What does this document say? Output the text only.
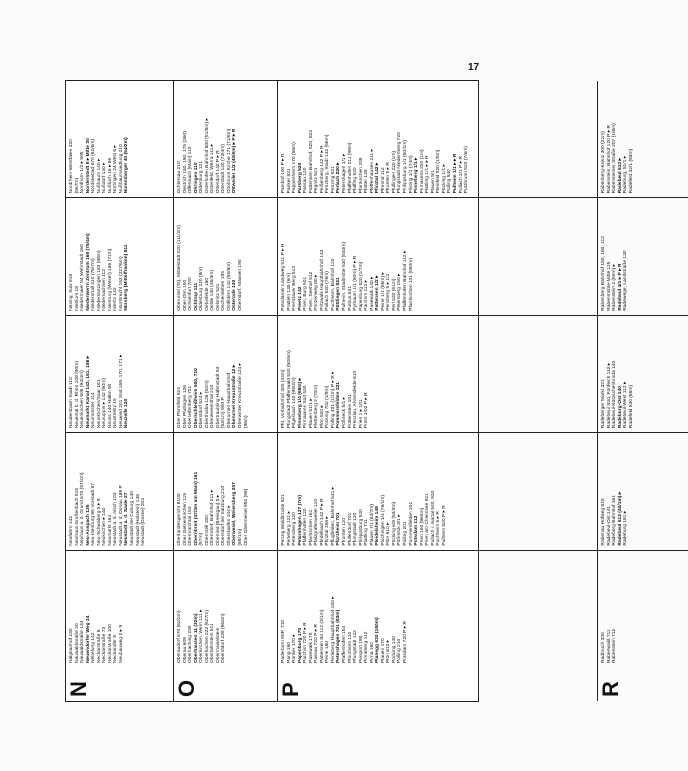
17
N
Nalgbanhof 230 Nauwaldstraße 20 Nauwaldstraße 134 Neuendorfer Weg 24 Nebelung 142 Neckarstraße 8 Neckarstraße 73 Neckarstraße 100 Neckarufer 5 Neubauweg 2 ▸ 9
Neufahrn 142 Neuhaus Großenbach 515 Neuhaus a. d. Grund 670 (57/2m) Neu-Anspach 135 Neu-Isenburg 85 Vorstadt 87 Neu-Schwaberg 5 ▸ 9 Neukirchen ▸ 140 Neumarkt 164 Neustadt a. d. Aisch 103 Neustadt a. d. Donau 189 P Neustadt a. d. Saale 27 Neustadt bei Coburg 140 Neustadt (Holstein) 148 Neustadt (Dosse) 203
Neudersbach Stadt 110 Neuental b. d. Rhön 108 (90m) Neuenkirchen 605 (94/4m) Neumarkt Kanal 143, 151, 156 ▸ Neumünster 114 Neunkirchen/Saar 161 Neuruppin ▸ 142 (50m) Neuss 140 Hafen 90 Neustrelitz 15 Neuwied 201 Süd 159, 170, 171 ▸ Neuzelle 120
Nesing, Sulz 915 Nieblum 18 Niedermaier 54 Wehrstadt 160 Niederwerrn Zentrum 166 (75/4m) Niedernhall 210 (78/7m) Niederstotzingen 183 (88m) Niedersachsen 112 Nienburg (Weser) 156 (71m) Nieritz 142 Nümbrecht 153 (227/6m) Nürnberg (Mittelfranken) 811
Nordrhein-Westfalen 320 (567m) Nordhorn 1/2 ▸ 595 Norderstedt 6 ▸ Mitte 30 Nordseebad 670 (62/6m) Nußbaum 140 ▸ Nußdorf 140 ▸ Nußloch 16 ▸ 66 Nürtingen 24 West 6 ▸ Nußbaumsiedlung 210 Nuremberger 40 (54/2m)
O
Oberaudorf 670 (62/2m) Oberau 609 Oberhaching 230 Oberhausen 11 (32m) Oberkirchen, Wern 111 ▸ Oberkochen 222 (627m) Oberlahnstein 511 Obermaiselstein Oberstdorf 239 (963m)
Oberlandesgericht 8100 Ober Gelsenkirchen 115 Obermarchtal 153 Obernbreit (47/3m am Main) 161 (57m) Obernzell 150 Oberndorf, Bahnhof 211 ▸ Oberried (Breisgau) 5 ▸ Obersdorf bei Salzburg 210 Oberstaufen 104 ▸ Oberwesel, Weiersberg 207 (89/1m) Ober Obermeisel 992 (98)
Ober Pennfeld 524 Ober Pfullingen 126 Oberreifenberg 701 Oberschleißheim 500, 710 Oberstdorf 524 ▸ Oberthulba 126 (52m) Oberwiesenthal 210 Obertraubling Hafenstadt 53 (53/1m) 900 P Oberurnen Hauptbahnhof Oberursel Kreuzstraße 12 ▸ Oberwinter Kreuzstraße 124 ▸ (98m)
Oberursel (Ts), Mittelstadt 220 (111/2m) Ober-Olm 150 Ochsenfurt 700 Ochtrup 111 Oldenburg 220 (9m) Oebisfelde 180 Oelde 130 (46/3m) Oelsnitz 521 Oschersleben 195 Ostfildern 142 (55/8m) Osterode 130 Otterndorf, Massen 190
Ochtersau 210 Oestrich 150, 190, 175 (360) Offenbach (Main) 110 Ohringen 110 Oldenburg 121 Osterhofen Bahnhof 800 (51/6m) ▸ Ostenfeld, Werra 111 ▸ Ottendorf 142 P ▸ R Otterstadt 140 (73/4m) Ottobrunn Kirche 171 (71/6m) Ottweiler 1/2 (40/6m) ▸ P ▸ R
P
Paderborn 50P, 710 Pang 180 Panker 170 ▸ Papenburg 170 Parchim 720 P ▸ R Pasewalk 170 Passau 720 P ▸ R Pattensen 8d 112 (3/1m) Peine 180 Perleberg Hauptbahnhof 150 ▸ Petershagen 701 (93m) Pfaffenhofen 154 Pforzheim 110 Pfungstadt 122 Piesport 190 Pinneberg 112 Pirna 180 Planegg 630 (180m) Plauen 170 Plön 810 ▸ Pocking 140 Polling 210 Potsdam 720 P ▸ R
Penzig Waldbrücke 521 Perleberg 121 ▸ Petersberg 120 Petershagen 127 (7m) Pfaffenhofen 120 Pfarrkirchen 161 Pfalzgrafenweiler 110 Pfedelbach 142 P ▸ R Pfinztal 158 ▸ Pflugfelden, Bahnhof 531 ▸ Pforzheim 701 Pfronten 110 Pfullendorf 701 Pfungstadt 120 Philippsburg 520 Plattling 711 Plauen 7/1 (63/7m) Pleidelsheim 148 Plochingen 1/4 (78/1m) Plön 810 ▸ Pöcking 6/8 (53/3m) Pößneck 3/1 ▸ Polling 201 Pommersfelden 201 Potsdam 112 Prien 160 (860m) Prien am Chiemsee 521 Pullach i. Isartal 540, 920 Puchheim 5 ▸ R Pulheim 520 P ▸ R
Pfd. Vorbahnhof 300 (34m) Pfungstadt Pfaffenwald 520 (50/6m) Pilgerbach 140 (99/2m) Pinneberg 1/4 (68m) ▸ Pirmasens Süd 530 Plauen 51/1 ▸ Plettenberg 2 (70m) Plön 520 ▸ Pocking 702 (1/9m) Polling 401 (1/1m) P ▸ R ▸ Pommersfelden 321 Pößneck 5/1 ▸ Pottenstein 101 Prenzlau, Ahrensfelde 810 Prien 1 ▸ 101 Prüm 1/02 P ▸ R
Potsdamer Landweg 511 P ▸ R Pratteln 135 (6m) Prenzlauer Berg 513 Preetz 142 Prien, Burg 501 Prien, Seehof 512 Prinzenweg 80 ▸ Pritzwalk Hauptbahnhof 143 Pullach 520 (76m) Puchheim, Bahnhof 120 Püttlingen 521 Pulheim, Stadtmitte 530 (540m) Putbus 531 Pyrbaum 1/1 (50m) P ▸ R Papenburg 520 (1/7m) Parchim 112 ▸ Pasewalk 140 ▸ Pattensen 1/2 ▸ Peine 1/1 (66m) ▸ Penzberg 5 ▸ 1/2 Perl 530 (61m) Petersberg 150 ▸ Pfaffenhofen Bahnhof 112 ▸ Pfarrkirchen 101 (550m)
Pandorf 100 P ▸ R Panker 521 Pappenheim 170 (56m) Parsberg 520 Passau 120 Pattensen Bahnhof, 520, 523 Pegnitz 521 Peißenberg 142 P ▸ R Penzberg, Stadt 142 (56m) Penzing 521 Perlach 220 ▸ Petershagen 1/1 ▸ Pfaffenhofen 211 (99m) Pfaffing 520 Pfarrkirchen 209 Pfatter 135 Pfeffenhausen 211 ▸ Pfinztal 142 ▸ Pfreimd 112 Pfronten 5 ▸ R Pfullingen 220 (1m) Pfungstadt Niedernberg 720 Philippsburg 1/1 (60/1m) Pilsting 1/1 (74m) Pinneberg 1/1 ▸ Pirmasens 220 (1m) Plattling 1/1 ▸ ▸ R Plauen 5/1 Pleinfeld 520 (1/5m) Pöcking 1/1 ▸ Polling 540 Pulheim 1/1 ▸ ▸ R Pullach 2/1 P ▸ R Putzbrunn 520 (7/6m)
R
Radbruch 330 Rabenwald 711 Rabenstein 712
Rabenau Hofweg 515 Radebeul-Ost 141 Radeberg Bahnhof 161 Radebeul 512 (40/1m) ▸ Radeburg 181 ▸
Radeberger Markt 321 Radebeul Süd, Fünfeich 112 ▸ Radebeul-Kötzschenbroda 140 Radeburg-Ost 140 Radebeul-West 112 ▸ Radefeld 530 (65m)
Rabenberg Bahnhof 150, 160, 112 Rabenmühle-Mitte 115 Rabenstein 2 (60m) ▸ Radebeul 4/1 ▸ P ▸ R Radewege, Landstraße 130
Rabenberg-Kreuz 300 (21m) Rabenstein, Bahnhof 120 P ▸ R Rabensteiner Straße 207 (1/8m) Radebeul 513 ▸ Radeburg, 51/1 ▸ Radefeld 32/1 (93m)
